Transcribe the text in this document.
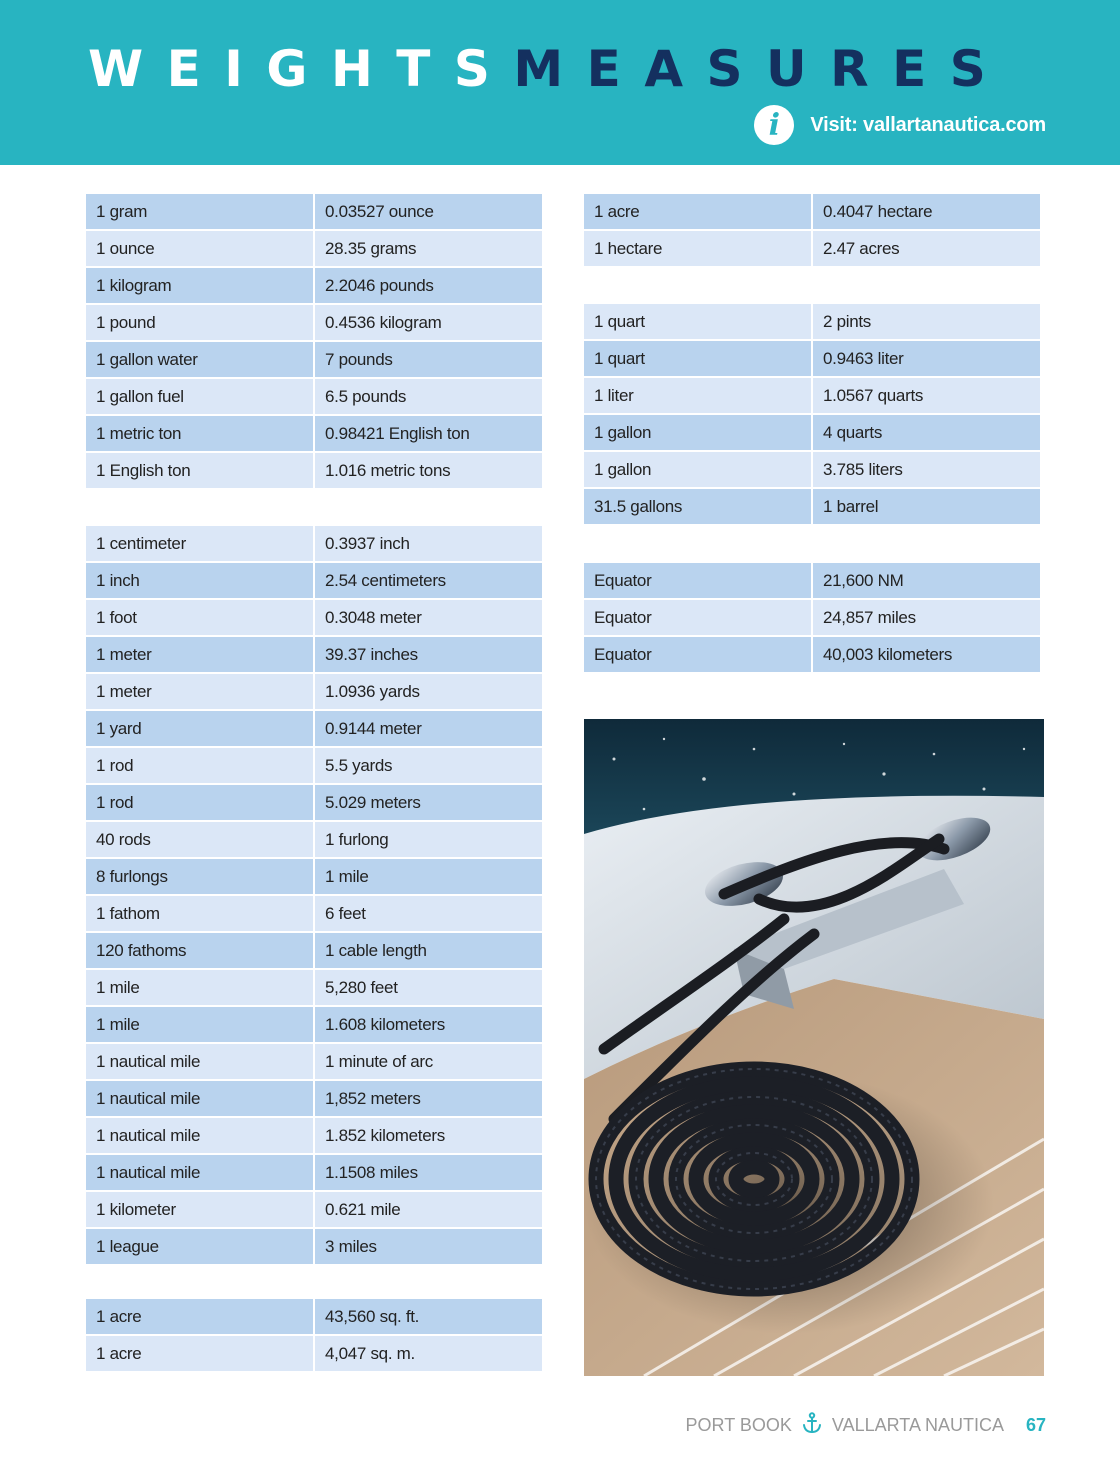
WEIGHTSMEASURES
i	Visit: vallartanautica.com
1 gram	0.03527 ounce
1 ounce	28.35 grams
1 kilogram	2.2046 pounds
1 pound	0.4536 kilogram
1 gallon water	7 pounds
1 gallon fuel	6.5 pounds
1 metric ton	0.98421 English ton
1 English ton	1.016 metric tons
1 centimeter	0.3937 inch
1 inch	2.54 centimeters
1 foot	0.3048 meter
1 meter	39.37 inches
1 meter	1.0936 yards
1 yard	0.9144 meter
1 rod	5.5 yards
1 rod	5.029 meters
40 rods	1 furlong
8 furlongs	1 mile
1 fathom	6 feet
120 fathoms	1 cable length
1 mile	5,280 feet
1 mile	1.608 kilometers
1 nautical mile	1 minute of arc
1 nautical mile	1,852 meters
1 nautical mile	1.852 kilometers
1 nautical mile	1.1508 miles
1 kilometer	0.621 mile
1 league	3 miles
1 acre	43,560 sq. ft.
1 acre	4,047 sq. m.
1 acre	0.4047 hectare
1 hectare	2.47 acres
1 quart	2 pints
1 quart	0.9463 liter
1 liter	1.0567 quarts
1 gallon	4 quarts
1 gallon	3.785 liters
31.5 gallons	1 barrel
Equator	21,600 NM
Equator	24,857 miles
Equator	40,003 kilometers
PORT BOOK VALLARTA NAUTICA 67
